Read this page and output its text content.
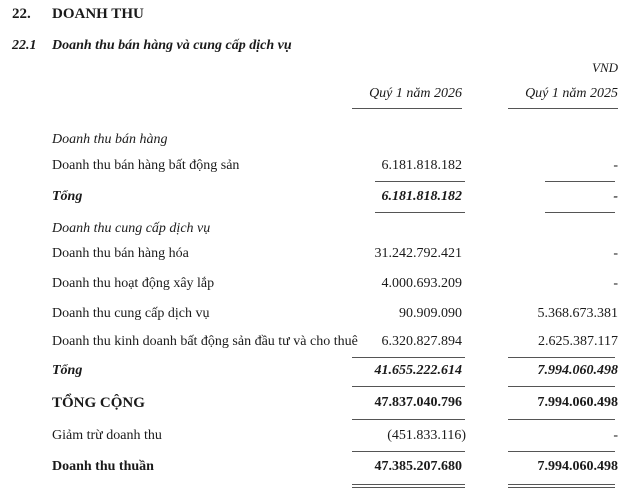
22. DOANH THU
22.1 Doanh thu bán hàng và cung cấp dịch vụ
VND
Quý 1 năm 2026	Quý 1 năm 2025
Doanh thu bán hàng
Doanh thu bán hàng bất động sản	6.181.818.182	-
Tổng	6.181.818.182	-
Doanh thu cung cấp dịch vụ
Doanh thu bán hàng hóa	31.242.792.421	-
Doanh thu hoạt động xây lắp	4.000.693.209	-
Doanh thu cung cấp dịch vụ	90.909.090	5.368.673.381
Doanh thu kinh doanh bất động sản đầu tư và cho thuê 6.320.827.894	2.625.387.117
Tổng	41.655.222.614	7.994.060.498
TỔNG CỘNG	47.837.040.796	7.994.060.498
Giảm trừ doanh thu	(451.833.116)	-
Doanh thu thuần	47.385.207.680	7.994.060.498
